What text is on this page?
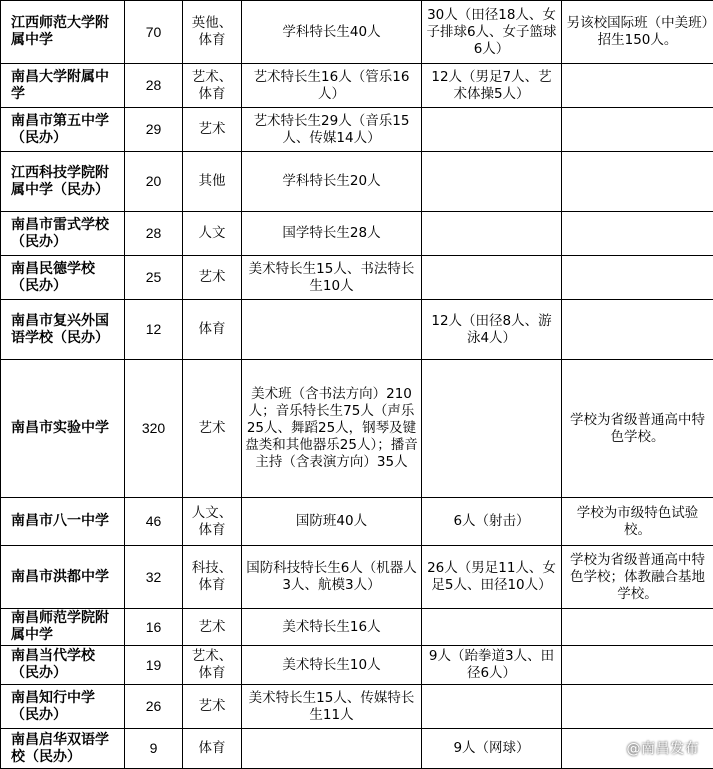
江西师范大学附属中学	70	英他、体育	学科特长生40人	30人（田径18人、女子排球6人、女子篮球6人）	另该校国际班（中美班）招生150人。
南昌大学附属中学	28	艺术、体育	艺术特长生16人（管乐16人）	12人（男足7人、艺术体操5人）	
南昌市第五中学（民办）	29	艺术	艺术特长生29人（音乐15人、传媒14人）		
江西科技学院附属中学（民办）	20	其他	学科特长生20人		
南昌市雷式学校（民办）	28	人文	国学特长生28人		
南昌民德学校（民办）	25	艺术	美术特长生15人、书法特长生10人		
南昌市复兴外国语学校（民办）	12	体育		12人（田径8人、游泳4人）	
南昌市实验中学	320	艺术	美术班（含书法方向）210人；音乐特长生75人（声乐25人、舞蹈25人，钢琴及键盘类和其他器乐25人）；播音主持（含表演方向）35人		学校为省级普通高中特色学校。
南昌市八一中学	46	人文、体育	国防班40人	6人（射击）	学校为市级特色试验校。
南昌市洪都中学	32	科技、体育	国防科技特长生6人（机器人3人、航模3人）	26人（男足11人、女足5人、田径10人）	学校为省级普通高中特色学校；体教融合基地学校。
南昌师范学院附属中学	16	艺术	美术特长生16人		
南昌当代学校（民办）	19	艺术、体育	美术特长生10人	9人（跆拳道3人、田径6人）	
南昌知行中学（民办）	26	艺术	美术特长生15人、传媒特长生11人		
南昌启华双语学校（民办）	9	体育		9人（网球）		@南昌发布
